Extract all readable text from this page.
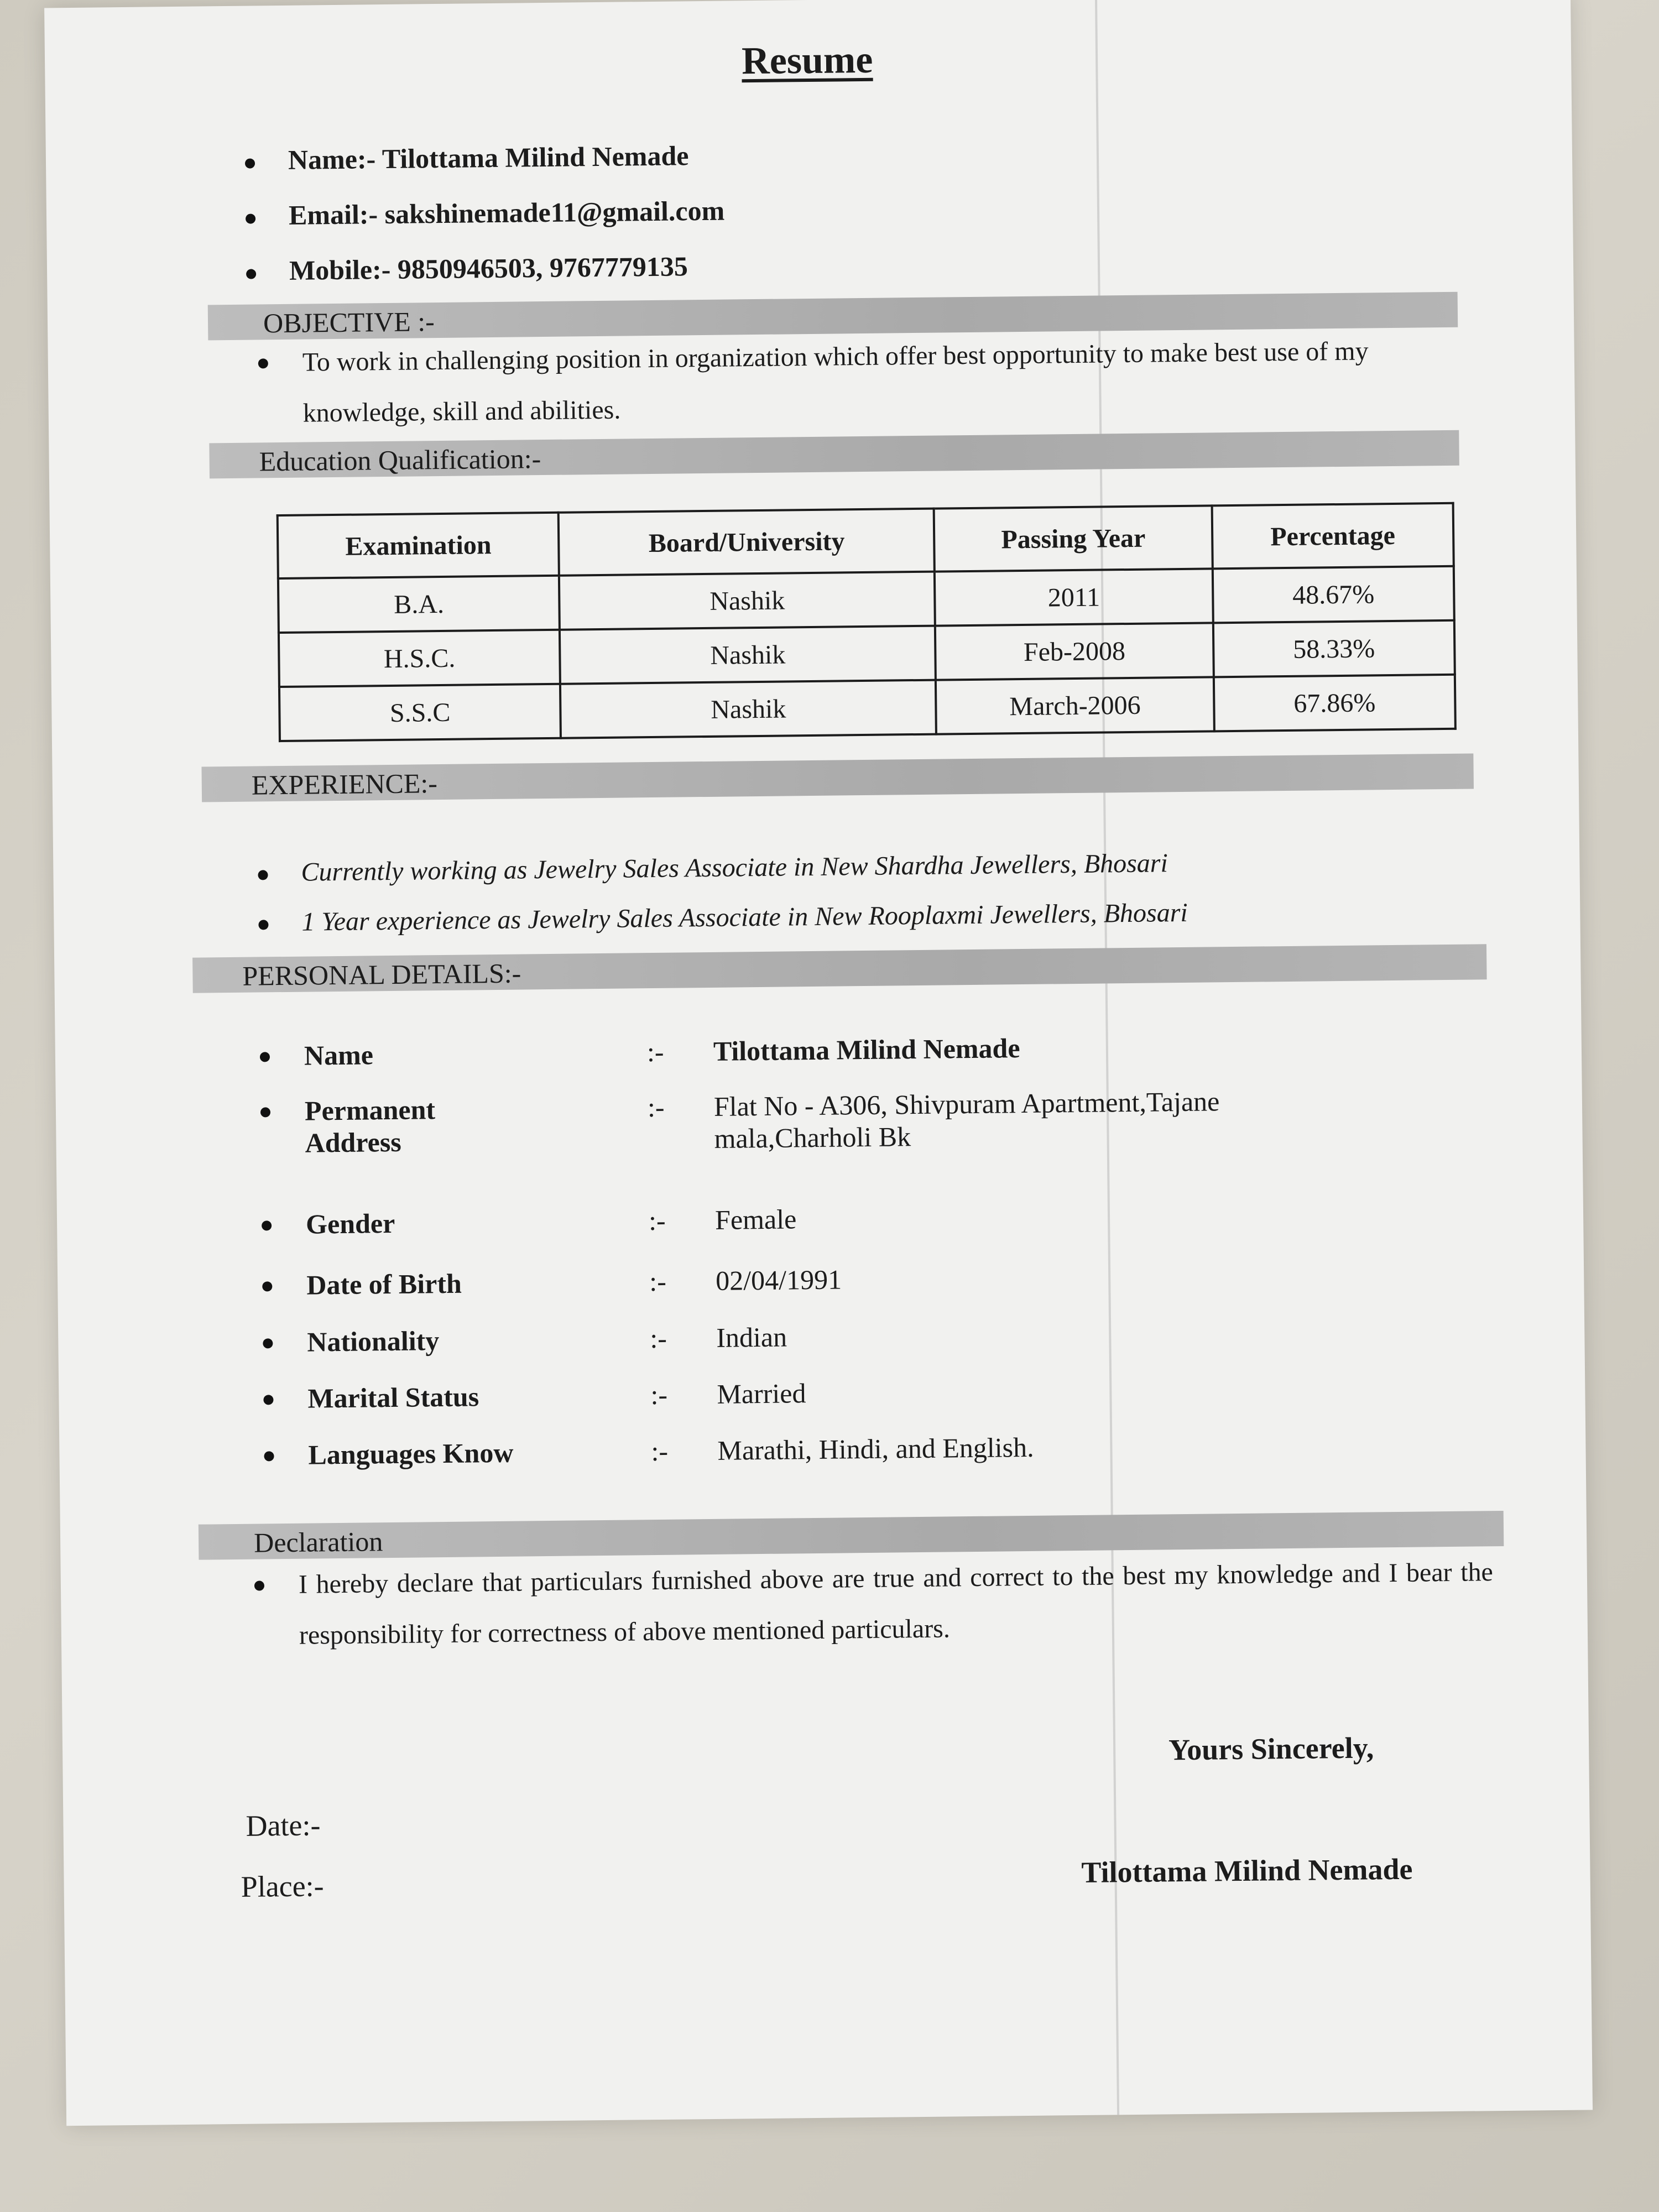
Resume
Name:- Tilottama Milind Nemade
Email:- sakshinemade11@gmail.com
Mobile:- 9850946503, 9767779135
OBJECTIVE :-
To work in challenging position in organization which offer best opportunity to make best use of my knowledge, skill and abilities.
Education Qualification:-
Examination	Board/University	Passing Year	Percentage
B.A.	Nashik	2011	48.67%
H.S.C.	Nashik	Feb-2008	58.33%
S.S.C	Nashik	March-2006	67.86%
EXPERIENCE:-
Currently working as Jewelry Sales Associate in New Shardha Jewellers, Bhosari
1 Year experience as Jewelry Sales Associate in New Rooplaxmi Jewellers, Bhosari
PERSONAL DETAILS:-
Name	:- Tilottama Milind Nemade
Permanent Address
:- Flat No - A306, Shivpuram Apartment,Tajane mala,Charholi Bk
Gender	:- Female
Date of Birth	:- 02/04/1991
Nationality	:- Indian
Marital Status	:- Married
Languages Know	:- Marathi, Hindi, and English.
Declaration
I hereby declare that particulars furnished above are true and correct to the best my knowledge and I bear the responsibility for correctness of above mentioned particulars.
Yours Sincerely,
Date:-
Place:-	Tilottama Milind Nemade
